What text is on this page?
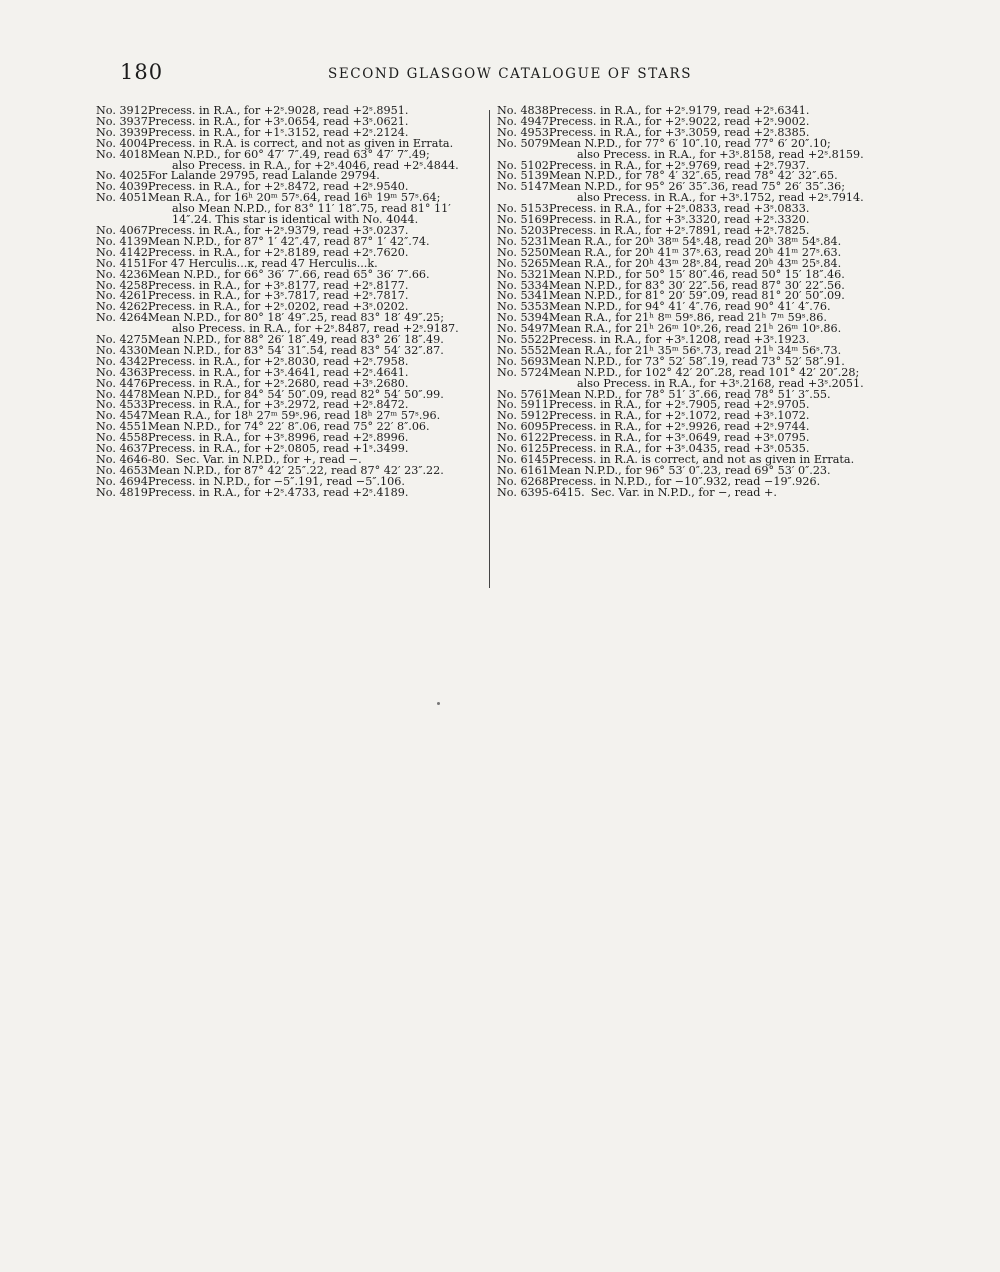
180	SECOND GLASGOW CATALOGUE OF STARS
No. 3912.
Precess. in R.A., for +2ˢ.9028, read +2ˢ.8951.
No. 3937.
Precess. in R.A., for +3ˢ.0654, read +3ˢ.0621.
No. 3939.
Precess. in R.A., for +1ˢ.3152, read +2ˢ.2124.
No. 4004.
Precess. in R.A. is correct, and not as given in Errata.
No. 4018.
Mean N.P.D., for 60° 47′ 7″.49, read 63° 47′ 7″.49;
also Precess. in R.A., for +2ˢ.4046, read +2ˢ.4844.
No. 4025.
For Lalande 29795, read Lalande 29794.
No. 4039.
Precess. in R.A., for +2ˢ.8472, read +2ˢ.9540.
No. 4051.
Mean R.A., for 16ʰ 20ᵐ 57ˢ.64, read 16ʰ 19ᵐ 57ˢ.64;
also Mean N.P.D., for 83° 11′ 18″.75, read 81° 11′
14″.24. This star is identical with No. 4044.
No. 4067.
Precess. in R.A., for +2ˢ.9379, read +3ˢ.0237.
No. 4139.
Mean N.P.D., for 87° 1′ 42″.47, read 87° 1′ 42″.74.
No. 4142.
Precess. in R.A., for +2ˢ.8189, read +2ˢ.7620.
No. 4151.
For 47 Herculis...κ, read 47 Herculis...k.
No. 4236.
Mean N.P.D., for 66° 36′ 7″.66, read 65° 36′ 7″.66.
No. 4258.
Precess. in R.A., for +3ˢ.8177, read +2ˢ.8177.
No. 4261.
Precess. in R.A., for +3ˢ.7817, read +2ˢ.7817.
No. 4262.
Precess. in R.A., for +2ˢ.0202, read +3ˢ.0202.
No. 4264.
Mean N.P.D., for 80° 18′ 49″.25, read 83° 18′ 49″.25;
also Precess. in R.A., for +2ˢ.8487, read +2ˢ.9187.
No. 4275.
Mean N.P.D., for 88° 26′ 18″.49, read 83° 26′ 18″.49.
No. 4330.
Mean N.P.D., for 83° 54′ 31″.54, read 83° 54′ 32″.87.
No. 4342.
Precess. in R.A., for +2ˢ.8030, read +2ˢ.7958.
No. 4363.
Precess. in R.A., for +3ˢ.4641, read +2ˢ.4641.
No. 4476.
Precess. in R.A., for +2ˢ.2680, read +3ˢ.2680.
No. 4478.
Mean N.P.D., for 84° 54′ 50″.09, read 82° 54′ 50″.99.
No. 4533.
Precess. in R.A., for +3ˢ.2972, read +2ˢ.8472.
No. 4547.
Mean R.A., for 18ʰ 27ᵐ 59ˢ.96, read 18ʰ 27ᵐ 57ˢ.96.
No. 4551.
Mean N.P.D., for 74° 22′ 8″.06, read 75° 22′ 8″.06.
No. 4558.
Precess. in R.A., for +3ˢ.8996, read +2ˢ.8996.
No. 4637.
Precess. in R.A., for +2ˢ.0805, read +1ˢ.3499.
No. 4646-80. Sec. Var. in N.P.D., for +, read −.
No. 4653.
Mean N.P.D., for 87° 42′ 25″.22, read 87° 42′ 23″.22.
No. 4694.
Precess. in N.P.D., for −5″.191, read −5″.106.
No. 4819.
Precess. in R.A., for +2ˢ.4733, read +2ˢ.4189.
No. 4838.
Precess. in R.A., for +2ˢ.9179, read +2ˢ.6341.
No. 4947.
Precess. in R.A., for +2ˢ.9022, read +2ˢ.9002.
No. 4953.
Precess. in R.A., for +3ˢ.3059, read +2ˢ.8385.
No. 5079.
Mean N.P.D., for 77° 6′ 10″.10, read 77° 6′ 20″.10;
also Precess. in R.A., for +3ˢ.8158, read +2ˢ.8159.
No. 5102.
Precess. in R.A., for +2ˢ.9769, read +2ˢ.7937.
No. 5139.
Mean N.P.D., for 78° 4′ 32″.65, read 78° 42′ 32″.65.
No. 5147.
Mean N.P.D., for 95° 26′ 35″.36, read 75° 26′ 35″.36;
also Precess. in R.A., for +3ˢ.1752, read +2ˢ.7914.
No. 5153.
Precess. in R.A., for +2ˢ.0833, read +3ˢ.0833.
No. 5169.
Precess. in R.A., for +3ˢ.3320, read +2ˢ.3320.
No. 5203.
Precess. in R.A., for +2ˢ.7891, read +2ˢ.7825.
No. 5231.
Mean R.A., for 20ʰ 38ᵐ 54ˢ.48, read 20ʰ 38ᵐ 54ˢ.84.
No. 5250.
Mean R.A., for 20ʰ 41ᵐ 37ˢ.63, read 20ʰ 41ᵐ 27ˢ.63.
No. 5265.
Mean R.A., for 20ʰ 43ᵐ 28ˢ.84, read 20ʰ 43ᵐ 25ˢ.84.
No. 5321.
Mean N.P.D., for 50° 15′ 80″.46, read 50° 15′ 18″.46.
No. 5334.
Mean N.P.D., for 83° 30′ 22″.56, read 87° 30′ 22″.56.
No. 5341.
Mean N.P.D., for 81° 20′ 59″.09, read 81° 20′ 50″.09.
No. 5353.
Mean N.P.D., for 94° 41′ 4″.76, read 90° 41′ 4″.76.
No. 5394.
Mean R.A., for 21ʰ 8ᵐ 59ˢ.86, read 21ʰ 7ᵐ 59ˢ.86.
No. 5497.
Mean R.A., for 21ʰ 26ᵐ 10ˢ.26, read 21ʰ 26ᵐ 10ˢ.86.
No. 5522.
Precess. in R.A., for +3ˢ.1208, read +3ˢ.1923.
No. 5552.
Mean R.A., for 21ʰ 35ᵐ 56ˢ.73, read 21ʰ 34ᵐ 56ˢ.73.
No. 5693.
Mean N.P.D., for 73° 52′ 58″.19, read 73° 52′ 58″.91.
No. 5724.
Mean N.P.D., for 102° 42′ 20″.28, read 101° 42′ 20″.28;
also Precess. in R.A., for +3ˢ.2168, read +3ˢ.2051.
No. 5761.
Mean N.P.D., for 78° 51′ 3″.66, read 78° 51′ 3″.55.
No. 5911.
Precess. in R.A., for +2ˢ.7905, read +2ˢ.9705.
No. 5912.
Precess. in R.A., for +2ˢ.1072, read +3ˢ.1072.
No. 6095.
Precess. in R.A., for +2ˢ.9926, read +2ˢ.9744.
No. 6122.
Precess. in R.A., for +3ˢ.0649, read +3ˢ.0795.
No. 6125.
Precess. in R.A., for +3ˢ.0435, read +3ˢ.0535.
No. 6145.
Precess. in R.A. is correct, and not as given in Errata.
No. 6161.
Mean N.P.D., for 96° 53′ 0″.23, read 69° 53′ 0″.23.
No. 6268.
Precess. in N.P.D., for −10″.932, read −19″.926.
No. 6395-6415. Sec. Var. in N.P.D., for −, read +.
